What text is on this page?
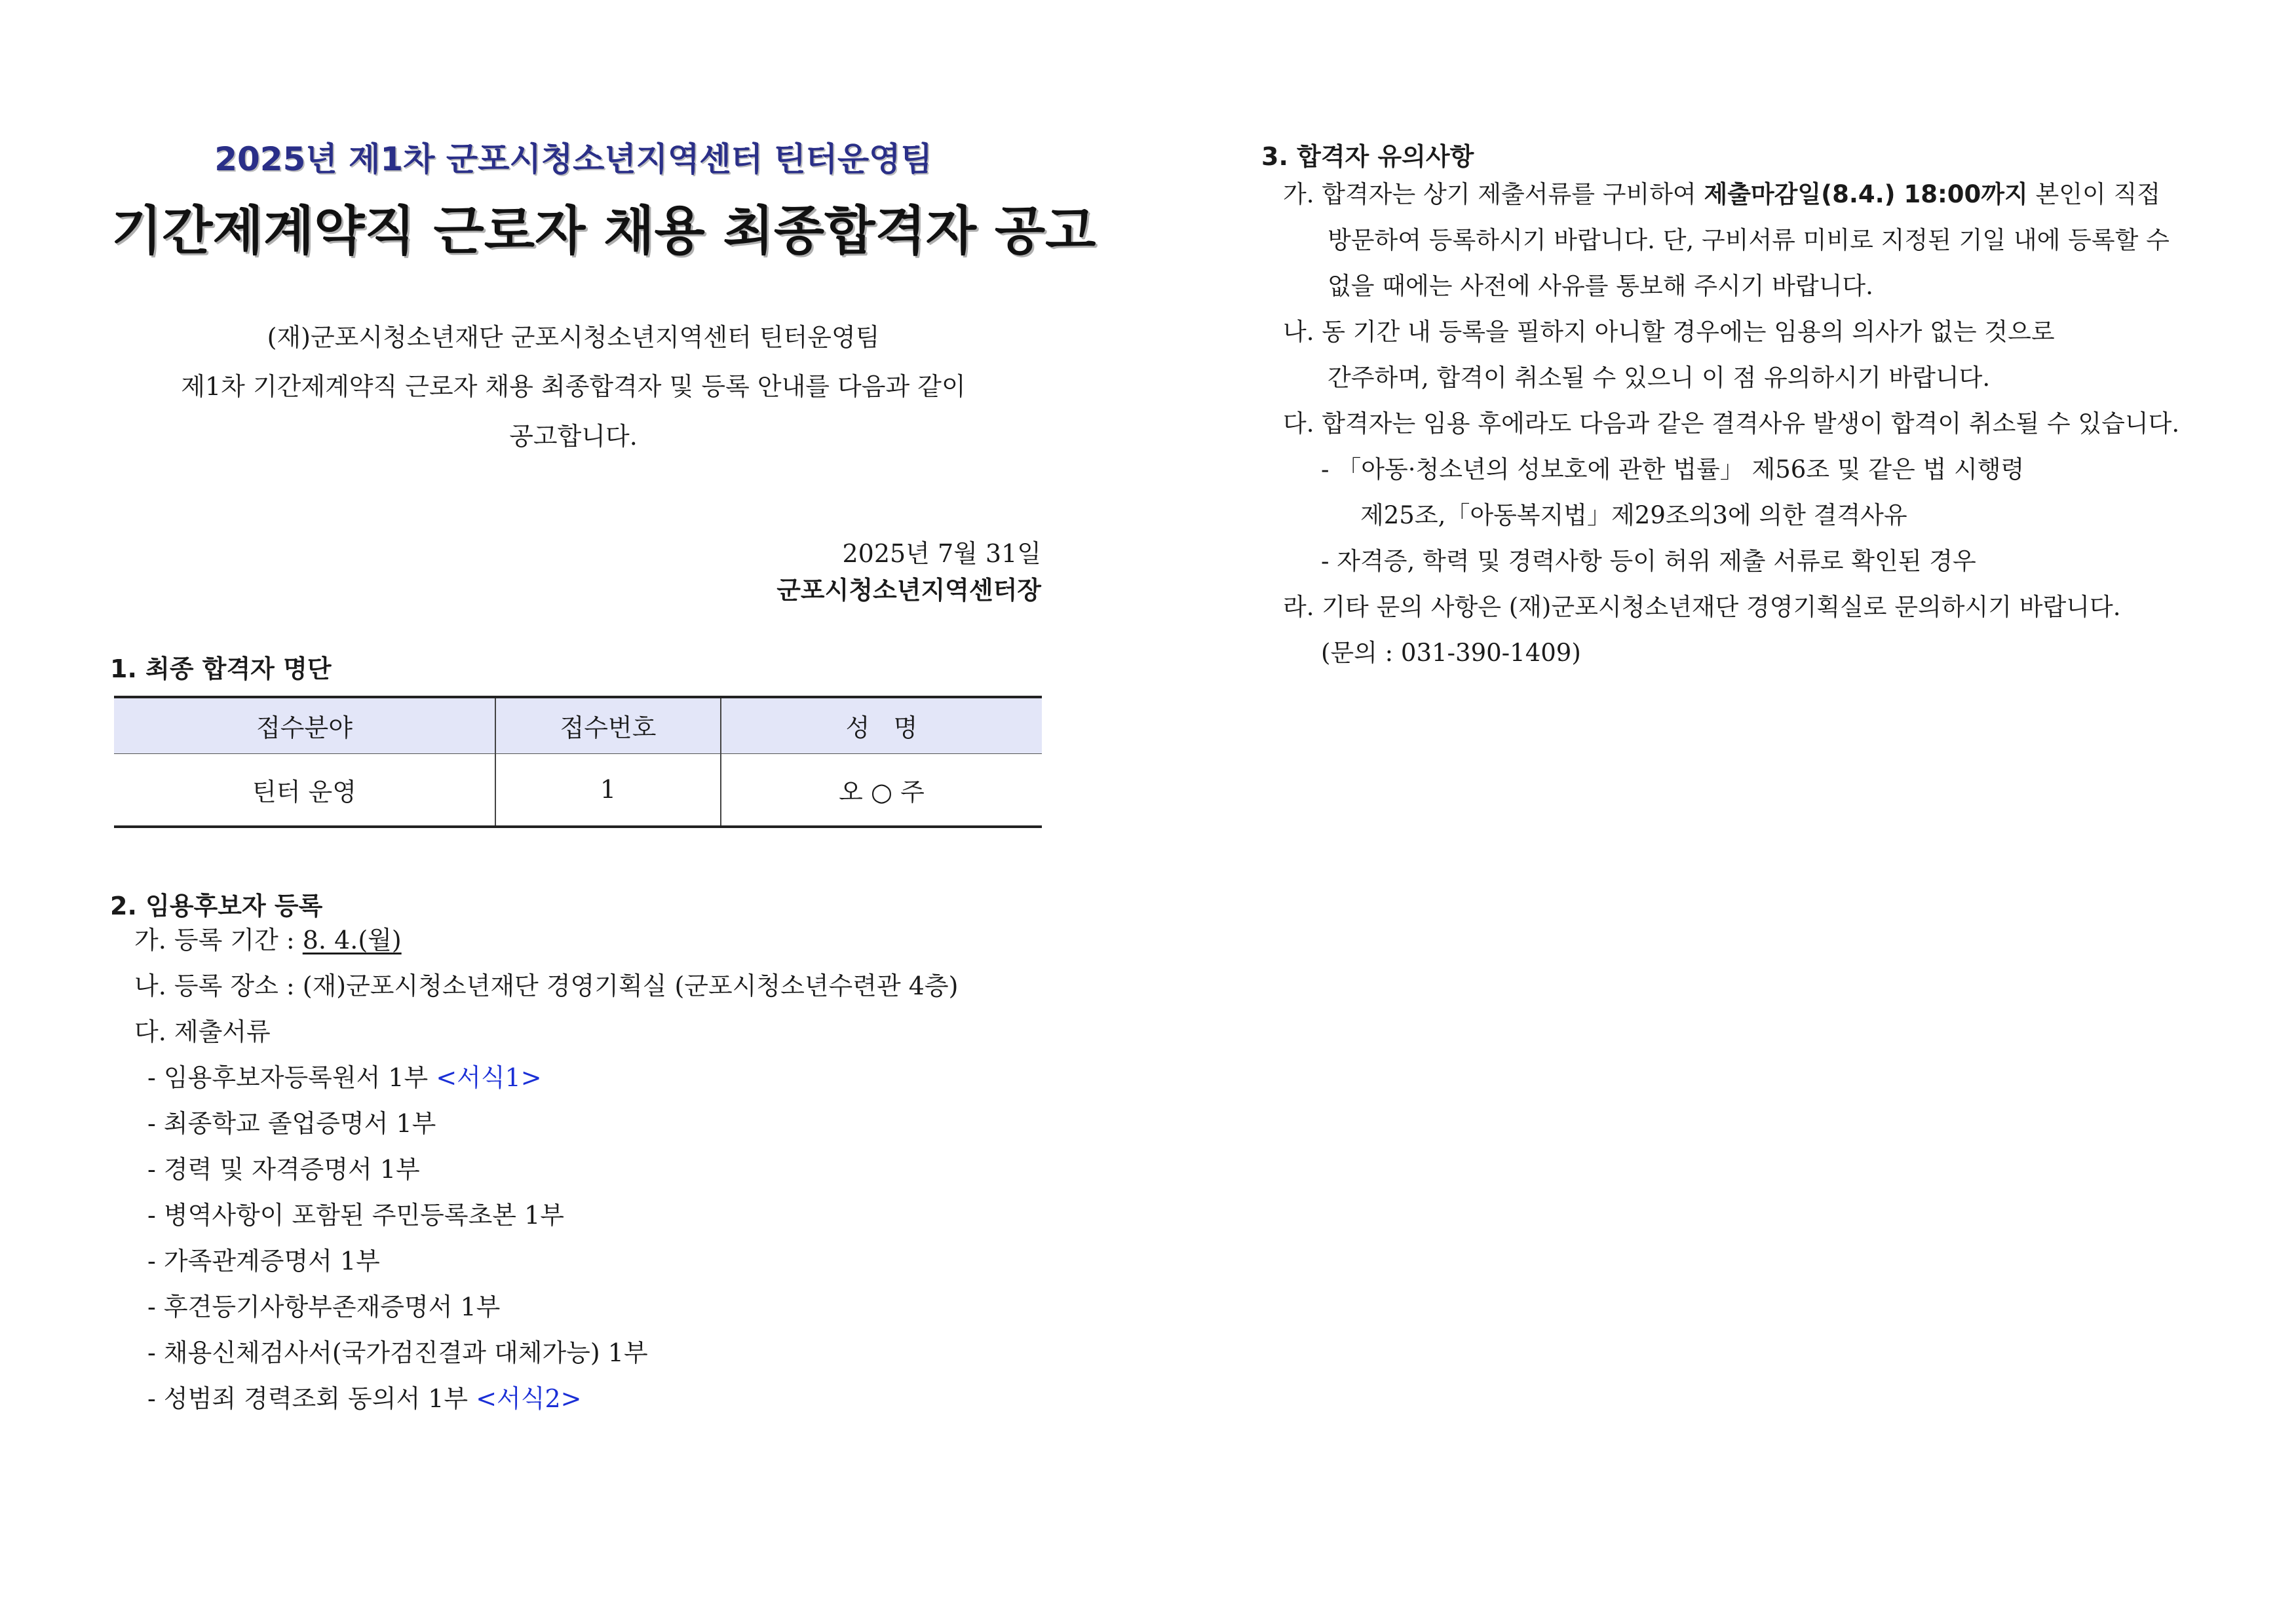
2025년 제1차 군포시청소년지역센터 틴터운영팀
기간제계약직 근로자 채용 최종합격자 공고
(재)군포시청소년재단 군포시청소년지역센터 틴터운영팀
제1차 기간제계약직 근로자 채용 최종합격자 및 등록 안내를 다음과 같이
공고합니다.
2025년 7월 31일
군포시청소년지역센터장
1. 최종 합격자 명단
접수분야	접수번호	성   명
틴터 운영	1	오 ○ 주
2. 임용후보자 등록
가. 등록 기간 : 8. 4.(월)
나. 등록 장소 : (재)군포시청소년재단 경영기획실 (군포시청소년수련관 4층)
다. 제출서류
- 임용후보자등록원서 1부 <서식1>
- 최종학교 졸업증명서 1부
- 경력 및 자격증명서 1부
- 병역사항이 포함된 주민등록초본 1부
- 가족관계증명서 1부
- 후견등기사항부존재증명서 1부
- 채용신체검사서(국가검진결과 대체가능) 1부
- 성범죄 경력조회 동의서 1부 <서식2>
3. 합격자 유의사항
가. 합격자는 상기 제출서류를 구비하여 제출마감일(8.4.) 18:00까지 본인이 직접
방문하여 등록하시기 바랍니다. 단, 구비서류 미비로 지정된 기일 내에 등록할 수
없을 때에는 사전에 사유를 통보해 주시기 바랍니다.
나. 동 기간 내 등록을 필하지 아니할 경우에는 임용의 의사가 없는 것으로
간주하며, 합격이 취소될 수 있으니 이 점 유의하시기 바랍니다.
다. 합격자는 임용 후에라도 다음과 같은 결격사유 발생이 합격이 취소될 수 있습니다.
- 「아동·청소년의 성보호에 관한 법률」 제56조 및 같은 법 시행령
제25조,「아동복지법」제29조의3에 의한 결격사유
- 자격증, 학력 및 경력사항 등이 허위 제출 서류로 확인된 경우
라. 기타 문의 사항은 (재)군포시청소년재단 경영기획실로 문의하시기 바랍니다.
(문의 : 031-390-1409)
